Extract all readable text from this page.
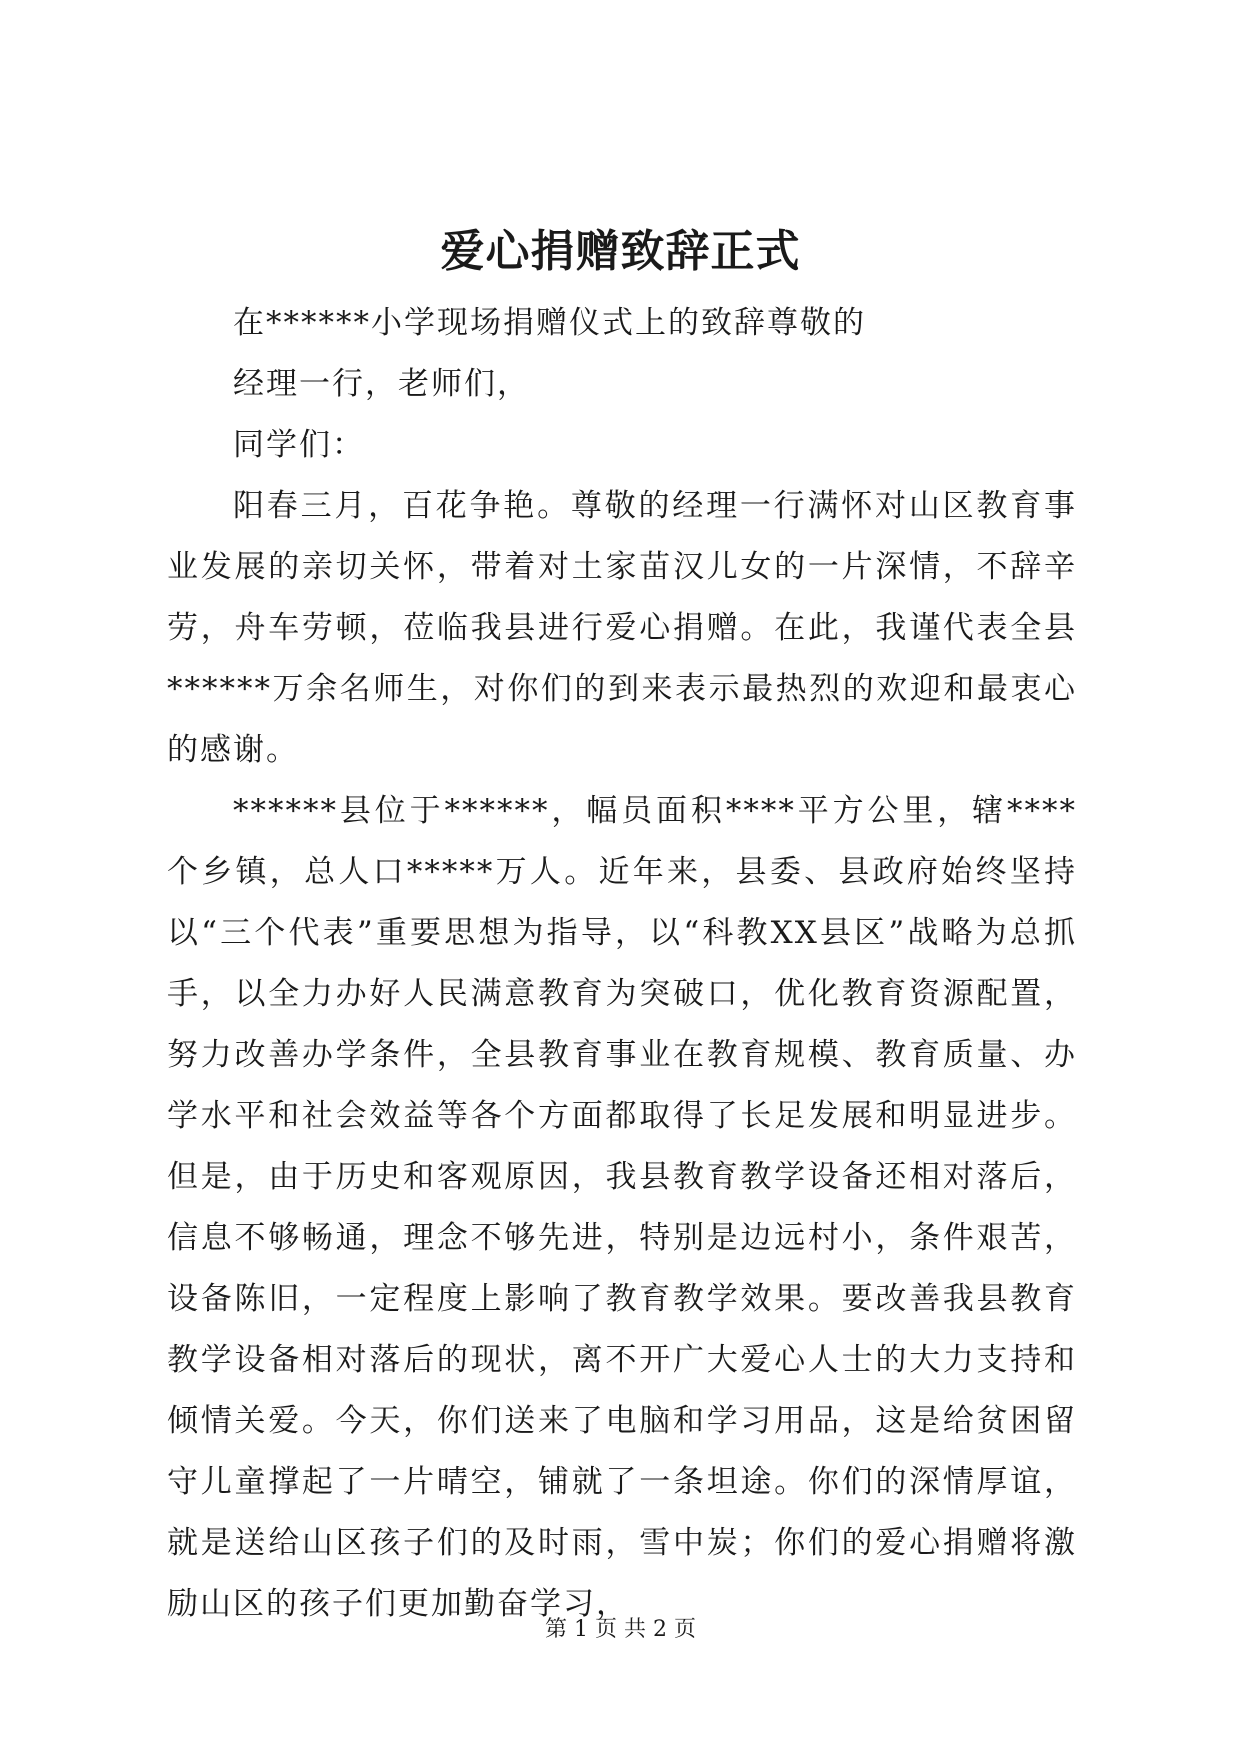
爱心捐赠致辞正式

在******小学现场捐赠仪式上的致辞尊敬的

经理一行，老师们，

同学们：

阳春三月，百花争艳。尊敬的经理一行满怀对山区教育事业发展的亲切关怀，带着对土家苗汉儿女的一片深情，不辞辛劳，舟车劳顿，莅临我县进行爱心捐赠。在此，我谨代表全县******万余名师生，对你们的到来表示最热烈的欢迎和最衷心的感谢。

******县位于******，幅员面积****平方公里，辖****个乡镇，总人口*****万人。近年来，县委、县政府始终坚持以“三个代表”重要思想为指导，以“科教XX县区”战略为总抓手，以全力办好人民满意教育为突破口，优化教育资源配置，努力改善办学条件，全县教育事业在教育规模、教育质量、办学水平和社会效益等各个方面都取得了长足发展和明显进步。但是，由于历史和客观原因，我县教育教学设备还相对落后，信息不够畅通，理念不够先进，特别是边远村小，条件艰苦，设备陈旧，一定程度上影响了教育教学效果。要改善我县教育教学设备相对落后的现状，离不开广大爱心人士的大力支持和倾情关爱。今天，你们送来了电脑和学习用品，这是给贫困留守儿童撑起了一片晴空，铺就了一条坦途。你们的深情厚谊，就是送给山区孩子们的及时雨，雪中炭；你们的爱心捐赠将激励山区的孩子们更加勤奋学习，

第 1 页 共 2 页
